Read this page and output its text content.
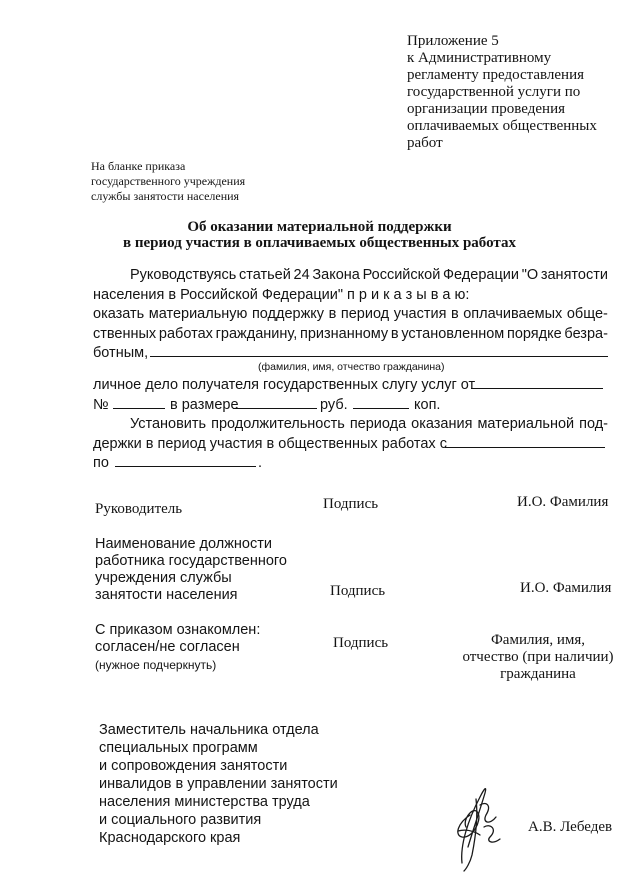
Приложение 5
к Административному
регламенту предоставления
государственной услуги по
организации проведения
оплачиваемых общественных
работ
На бланке приказа
государственного учреждения
службы занятости населения
Об оказании материальной поддержки
в период участия в оплачиваемых общественных работах
Руководствуясь статьей 24 Закона Российской Федерации "О занятости
населения в Российской Федерации" п р и к а з ы в а ю:
оказать материальную поддержку в период участия в оплачиваемых обще-
ственных работах гражданину, признанному в установленном порядке безра-
ботным,
(фамилия, имя, отчество гражданина)
личное дело получателя государственных слугу услуг от
№	в размере	руб.	коп.
Установить продолжительность периода оказания материальной под-
держки в период участия в общественных работах с
по	.
Руководитель	Подпись	И.О. Фамилия
Наименование должности
работника государственного
учреждения службы
занятости населения	Подпись	И.О. Фамилия
С приказом ознакомлен:
согласен/не согласен
(нужное подчеркнуть)
Подпись	Фамилия, имя,
отчество (при наличии)
гражданина
Заместитель начальника отдела
специальных программ
и сопровождения занятости
инвалидов в управлении занятости
населения министерства труда
и социального развития
Краснодарского края
А.В. Лебедев
